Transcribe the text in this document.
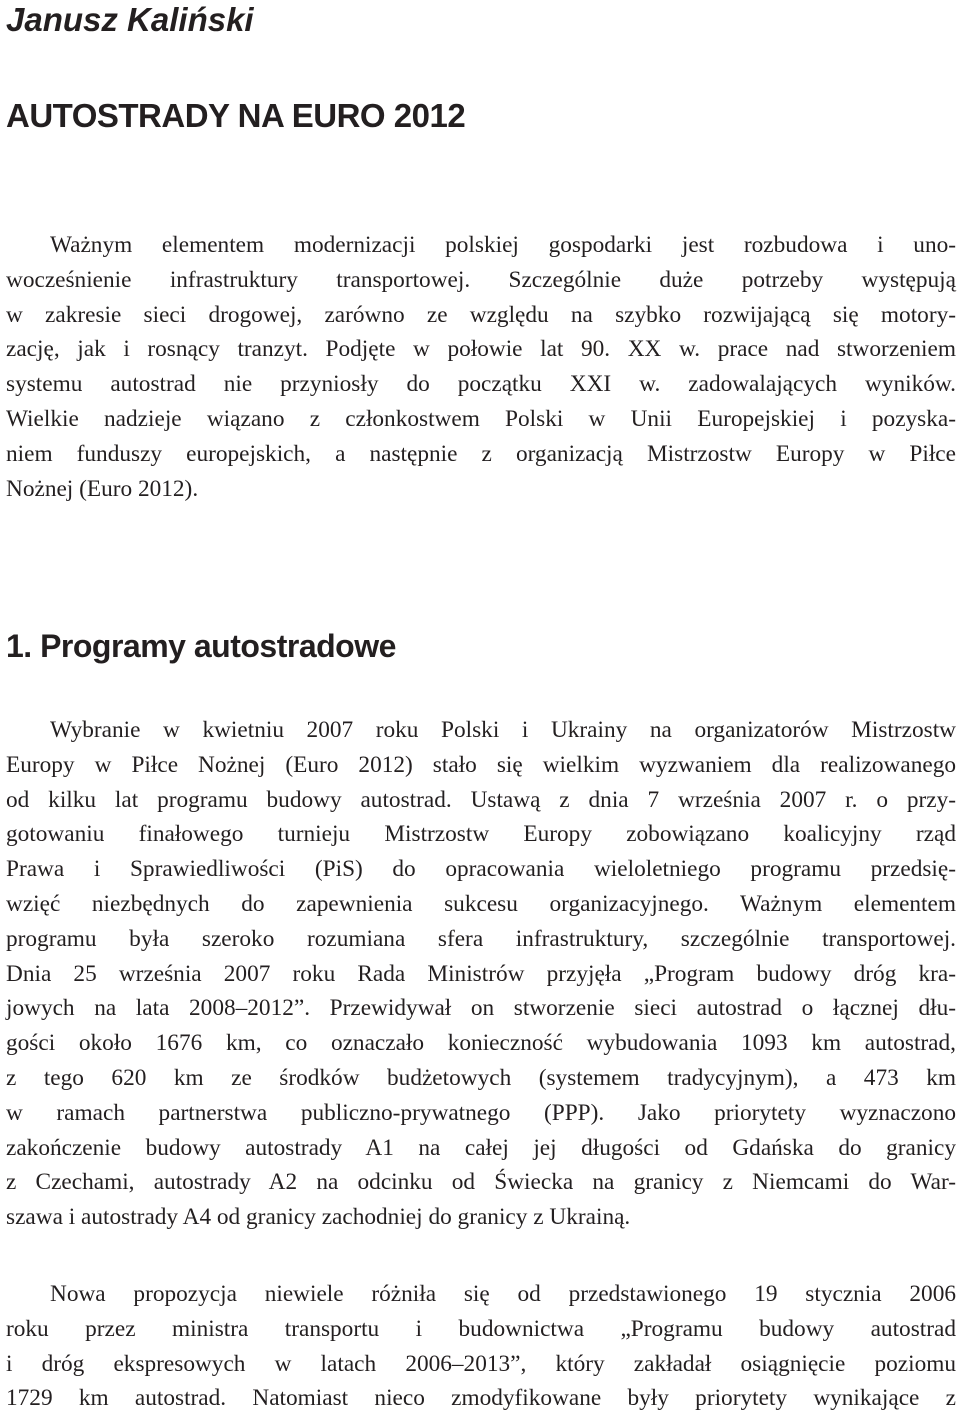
Janusz Kaliński
AUTOSTRADY NA EURO 2012

Ważnym elementem modernizacji polskiej gospodarki jest rozbudowa i uno-
wocześnienie infrastruktury transportowej. Szczególnie duże potrzeby występują
w zakresie sieci drogowej, zarówno ze względu na szybko rozwijającą się motory-
zację, jak i rosnący tranzyt. Podjęte w połowie lat 90. XX w. prace nad stworzeniem
systemu autostrad nie przyniosły do początku XXI w. zadowalających wyników.
Wielkie nadzieje wiązano z członkostwem Polski w Unii Europejskiej i pozyska-
niem funduszy europejskich, a następnie z organizacją Mistrzostw Europy w Piłce
Nożnej (Euro 2012).

1. Programy autostradowe

Wybranie w kwietniu 2007 roku Polski i Ukrainy na organizatorów Mistrzostw
Europy w Piłce Nożnej (Euro 2012) stało się wielkim wyzwaniem dla realizowanego
od kilku lat programu budowy autostrad. Ustawą z dnia 7 września 2007 r. o przy-
gotowaniu finałowego turnieju Mistrzostw Europy zobowiązano koalicyjny rząd
Prawa i Sprawiedliwości (PiS) do opracowania wieloletniego programu przedsię-
wzięć niezbędnych do zapewnienia sukcesu organizacyjnego. Ważnym elementem
programu była szeroko rozumiana sfera infrastruktury, szczególnie transportowej.
Dnia 25 września 2007 roku Rada Ministrów przyjęła „Program budowy dróg kra-
jowych na lata 2008–2012”. Przewidywał on stworzenie sieci autostrad o łącznej dłu-
gości około 1676 km, co oznaczało konieczność wybudowania 1093 km autostrad,
z tego 620 km ze środków budżetowych (systemem tradycyjnym), a 473 km
w ramach partnerstwa publiczno-prywatnego (PPP). Jako priorytety wyznaczono
zakończenie budowy autostrady A1 na całej jej długości od Gdańska do granicy
z Czechami, autostrady A2 na odcinku od Świecka na granicy z Niemcami do War-
szawa i autostrady A4 od granicy zachodniej do granicy z Ukrainą.

Nowa propozycja niewiele różniła się od przedstawionego 19 stycznia 2006
roku przez ministra transportu i budownictwa „Programu budowy autostrad
i dróg ekspresowych w latach 2006–2013”, który zakładał osiągnięcie poziomu
1729 km autostrad. Natomiast nieco zmodyfikowane były priorytety wynikające z
